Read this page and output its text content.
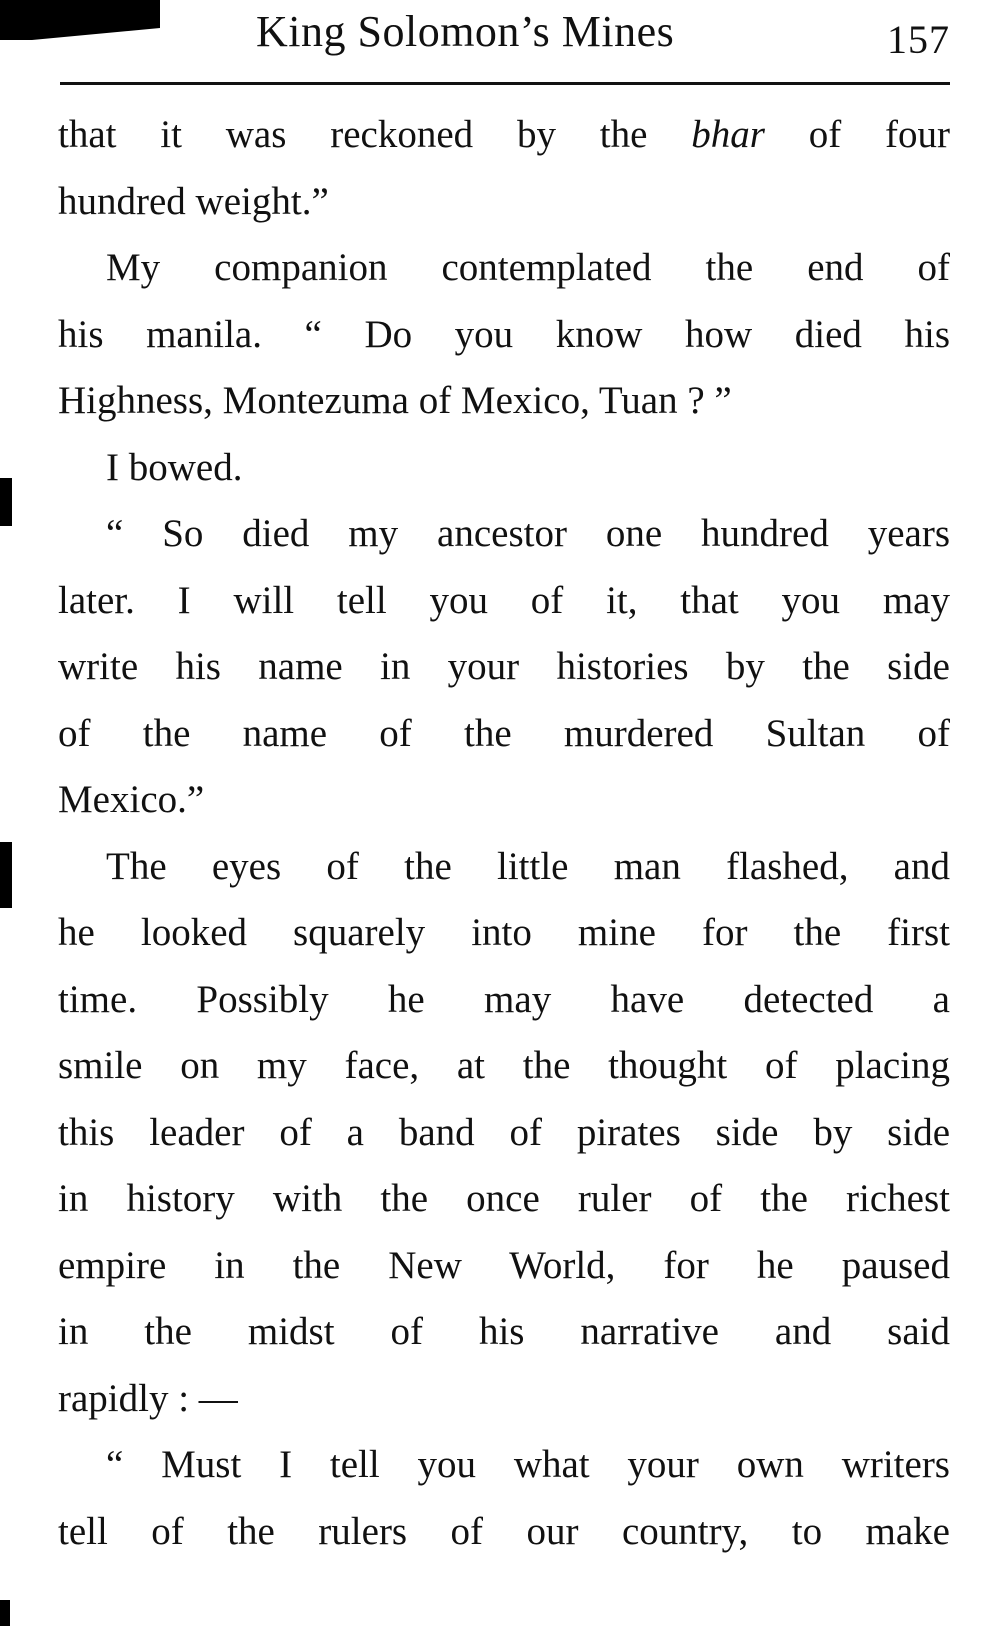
King Solomon’s Mines	157
that it was reckoned by the bhar of four
hundred weight.”
My companion contemplated the end of
his manila. “ Do you know how died his
Highness, Montezuma of Mexico, Tuan ? ”
I bowed.
“ So died my ancestor one hundred years
later. I will tell you of it, that you may
write his name in your histories by the side
of the name of the murdered Sultan of
Mexico.”
The eyes of the little man flashed, and
he looked squarely into mine for the first
time. Possibly he may have detected a
smile on my face, at the thought of placing
this leader of a band of pirates side by side
in history with the once ruler of the richest
empire in the New World, for he paused
in the midst of his narrative and said
rapidly : —
“ Must I tell you what your own writers
tell of the rulers of our country, to make
